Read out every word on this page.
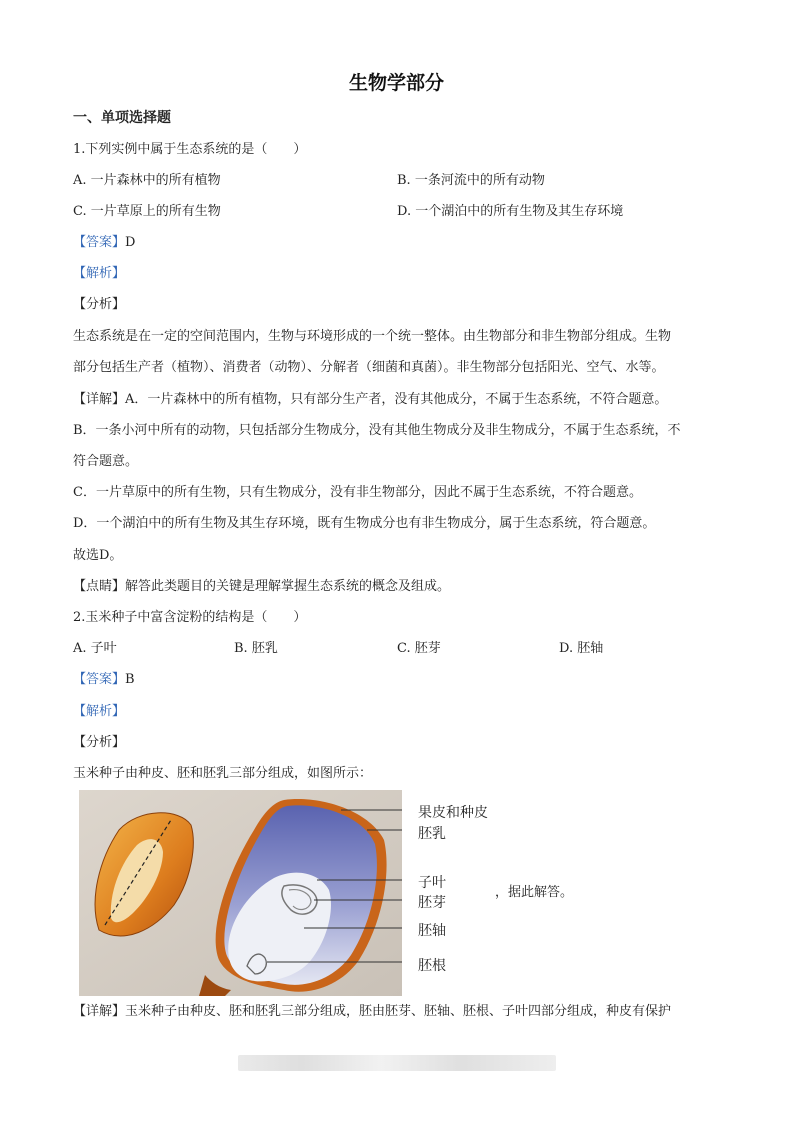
生物学部分
一、单项选择题
1.下列实例中属于生态系统的是（　　）
A. 一片森林中的所有植物	B. 一条河流中的所有动物
C. 一片草原上的所有生物	D. 一个湖泊中的所有生物及其生存环境
【答案】D
【解析】
【分析】
生态系统是在一定的空间范围内，生物与环境形成的一个统一整体。由生物部分和非生物部分组成。生物
部分包括生产者（植物）、消费者（动物）、分解者（细菌和真菌）。非生物部分包括阳光、空气、水等。
【详解】A．一片森林中的所有植物，只有部分生产者，没有其他成分，不属于生态系统，不符合题意。
B．一条小河中所有的动物，只包括部分生物成分，没有其他生物成分及非生物成分，不属于生态系统，不
符合题意。
C．一片草原中的所有生物，只有生物成分，没有非生物部分，因此不属于生态系统，不符合题意。
D．一个湖泊中的所有生物及其生存环境，既有生物成分也有非生物成分，属于生态系统，符合题意。
故选D。
【点睛】解答此类题目的关键是理解掌握生态系统的概念及组成。
2.玉米种子中富含淀粉的结构是（　　）
A. 子叶	B. 胚乳	C. 胚芽	D. 胚轴
【答案】B
【解析】
【分析】
玉米种子由种皮、胚和胚乳三部分组成，如图所示：
果皮和种皮
胚乳
子叶
胚芽
胚轴
胚根
，据此解答。
【详解】玉米种子由种皮、胚和胚乳三部分组成，胚由胚芽、胚轴、胚根、子叶四部分组成，种皮有保护
